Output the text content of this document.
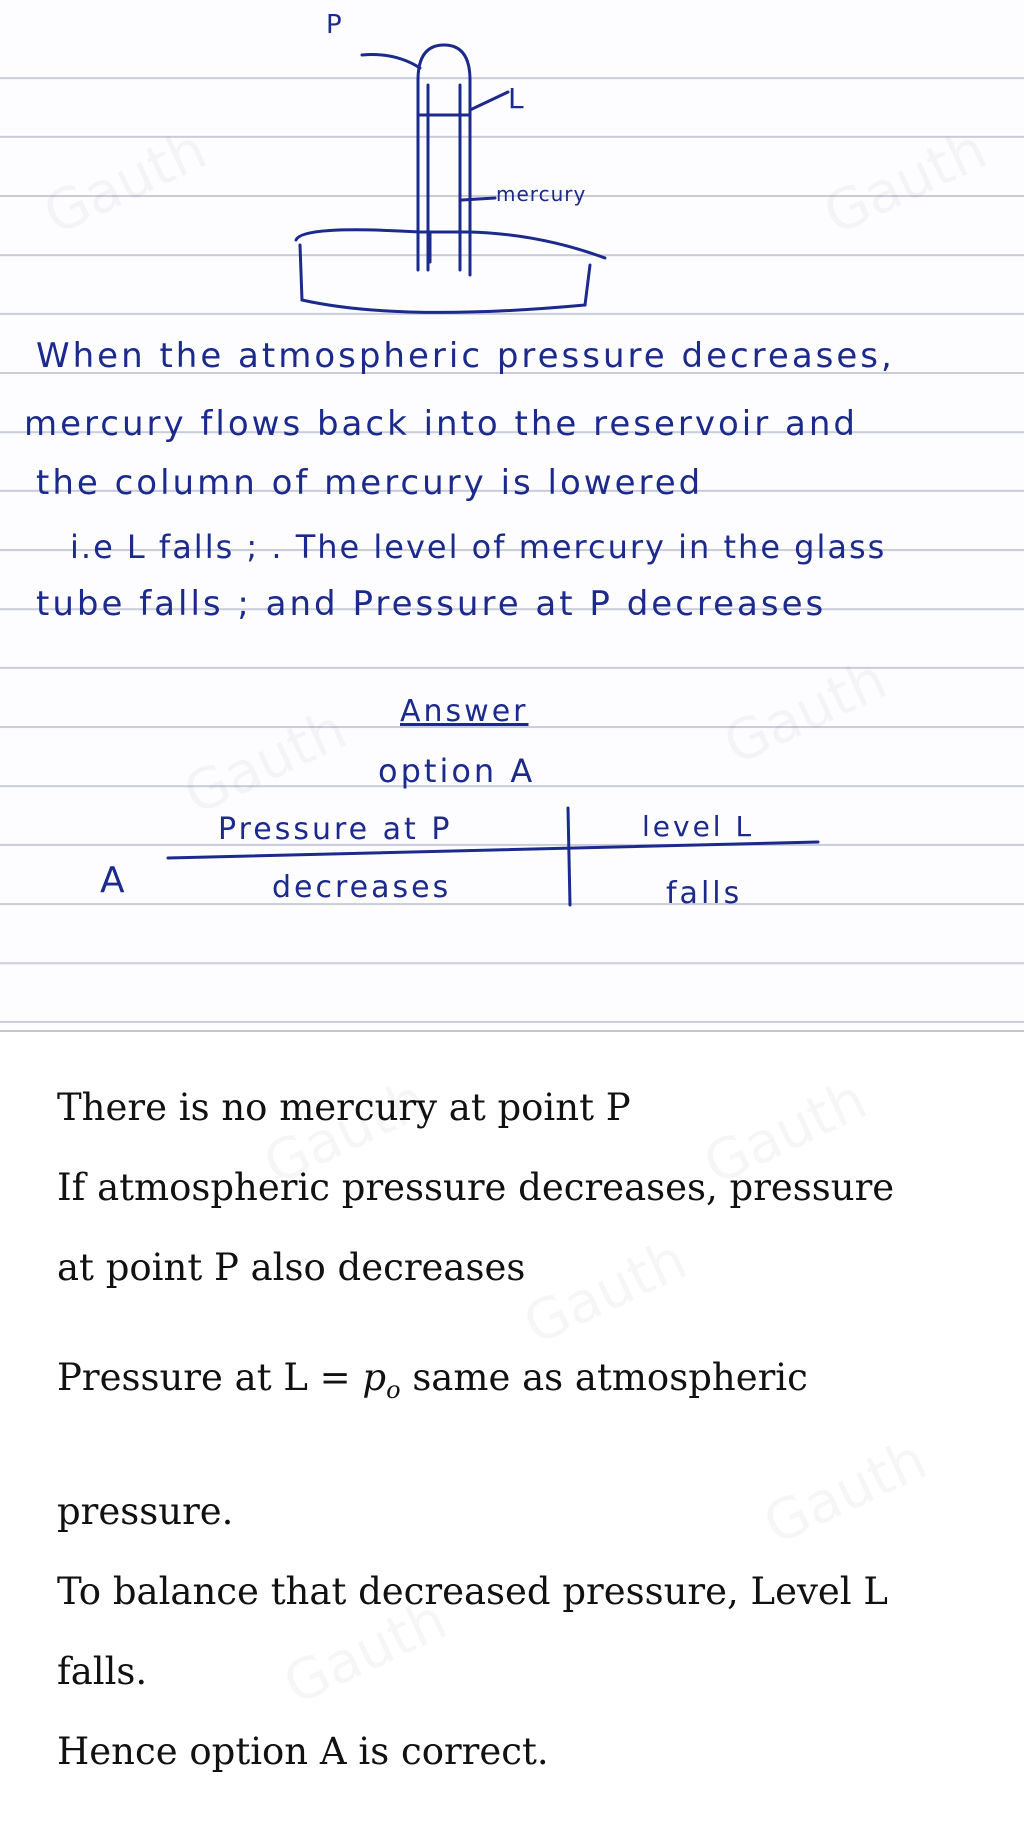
P
L
mercury
When the atmospheric pressure decreases,
mercury flows back into the reservoir and
the column of mercury is lowered
i.e L falls ; . The level of mercury in the glass
tube falls ; and Pressure at P decreases
Answer
option A
A
Pressure at P	level L
decreases	falls
There is no mercury at point P
If atmospheric pressure decreases, pressure
at point P also decreases
Pressure at $L = p_o$ same as atmospheric
pressure.
To balance that decreased pressure, Level L
falls.
Hence option A is correct.
